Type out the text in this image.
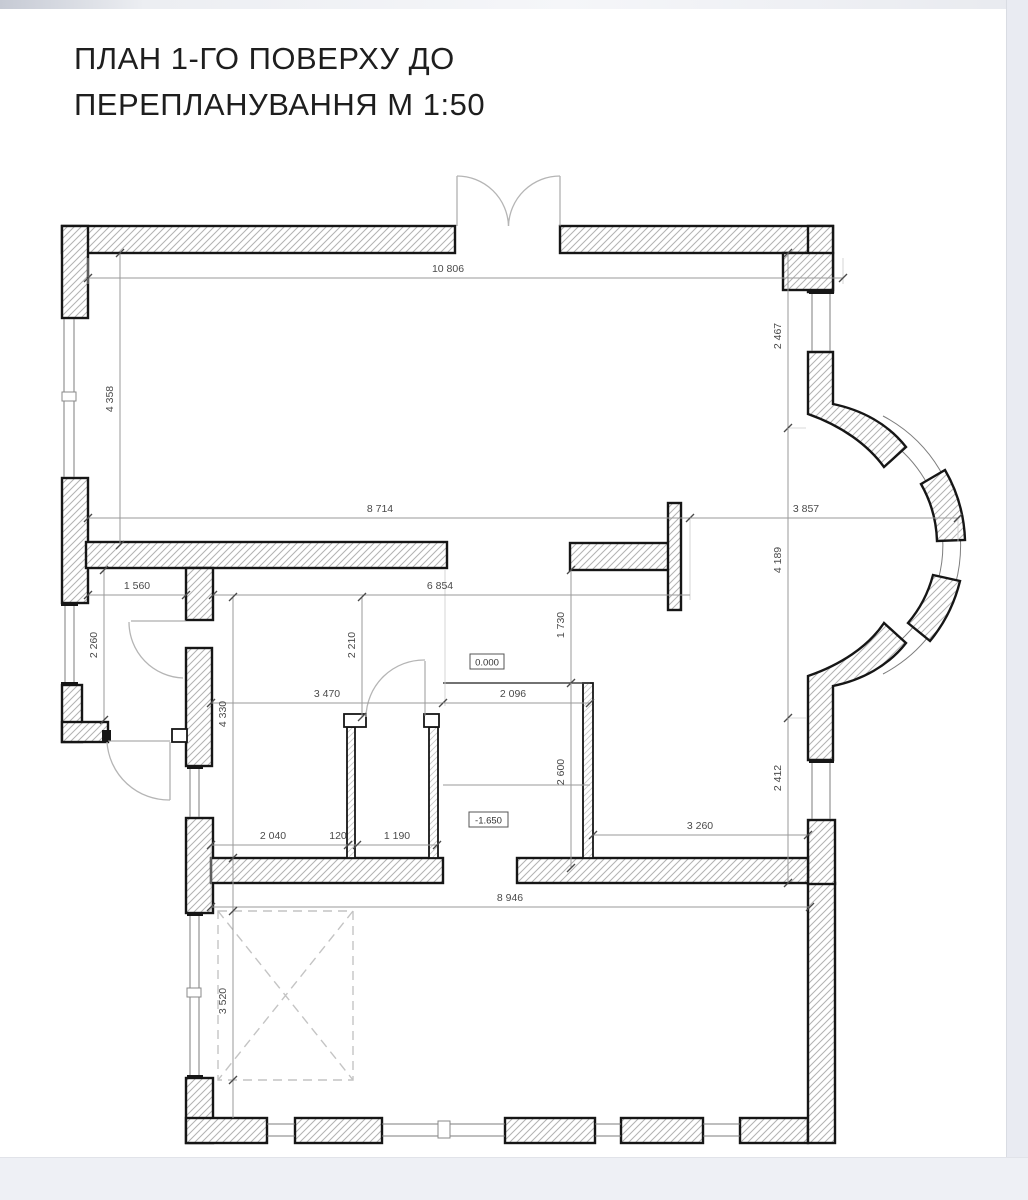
10 806
8 714	3 857
1 560	6 854
3 470	2 096
2 040	120	1 190
3 260
8 946
4 358
2 260	2 210
1 730
2 600
2 467
4 189
2 412
4 330
3 520
0.000
-1.650
ПЛАН 1-ГО ПОВЕРХУ ДО
ПЕРЕПЛАНУВАННЯ М 1:50
